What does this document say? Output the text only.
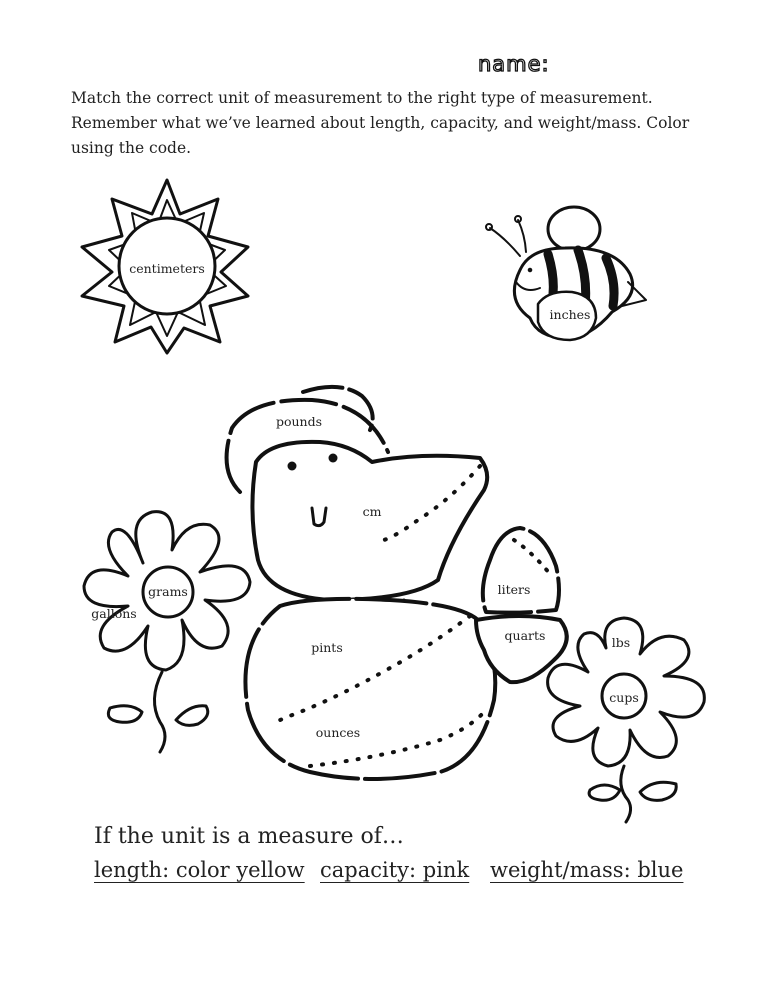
name:
Match the correct unit of measurement to the right type of measurement.
Remember what we’ve learned about length, capacity, and weight/mass. Color
using the code.
centimeters
inches
grams
gallons
lbs
cups
pounds
cm
pints
ounces
liters
quarts
If the unit is a measure of…
length: color yellow capacity: pink weight/mass: blue
